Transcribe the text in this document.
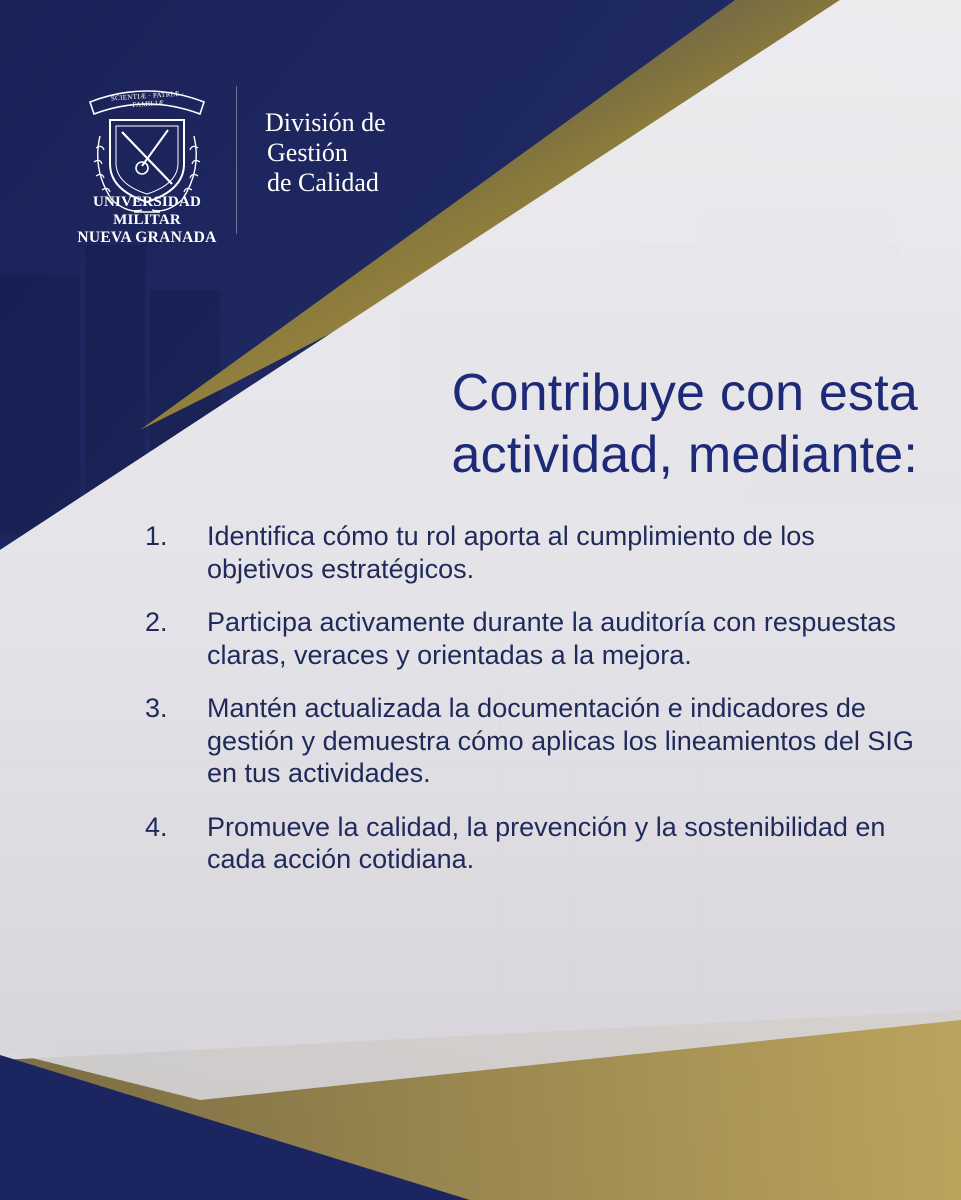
SCIENTIÆ · PATRIÆ · FAMILIÆ
UNIVERSIDAD MILITAR
NUEVA GRANADA
División de
Gestión
de Calidad
Contribuye con esta
actividad, mediante:
1. Identifica cómo tu rol aporta al cumplimiento de los objetivos estratégicos.
2. Participa activamente durante la auditoría con respuestas claras, veraces y orientadas a la mejora.
3. Mantén actualizada la documentación e indicadores de gestión y demuestra cómo aplicas los lineamientos del SIG en tus actividades.
4. Promueve la calidad, la prevención y la sostenibilidad en cada acción cotidiana.
